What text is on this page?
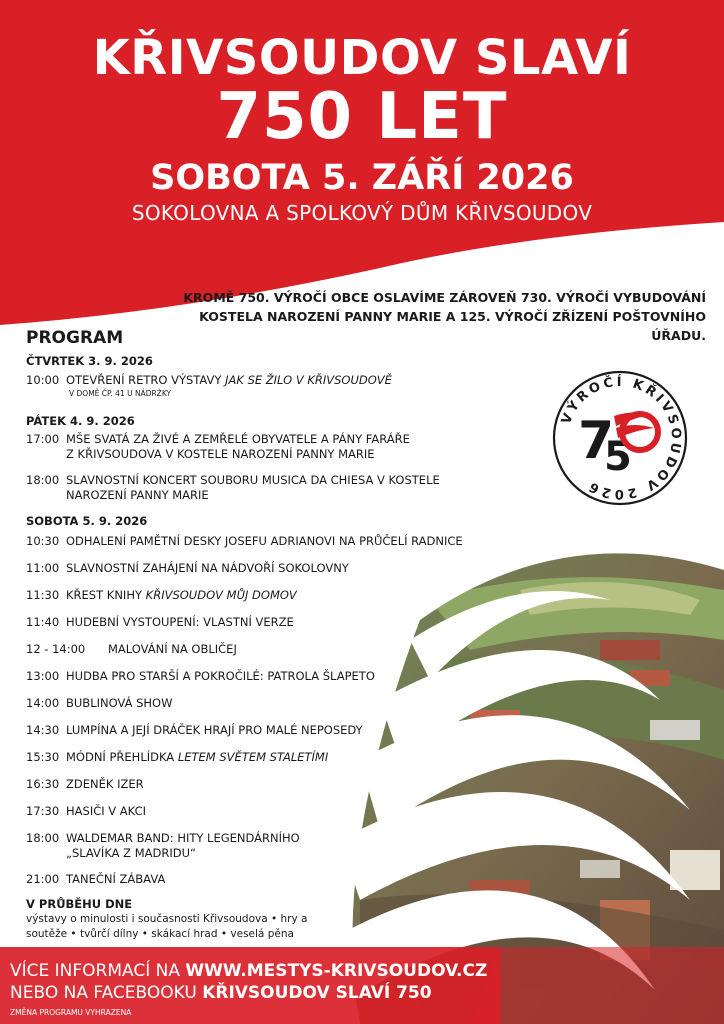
KŘIVSOUDOV SLAVÍ
750 LET
SOBOTA 5. ZÁŘÍ 2026
SOKOLOVNA A SPOLKOVÝ DŮM KŘIVSOUDOV
KROMĚ 750. VÝROČÍ OBCE OSLAVÍME ZÁROVEŇ 730. VÝROČÍ VYBUDOVÁNÍ
KOSTELA NAROZENÍ PANNY MARIE A 125. VÝROČÍ ZŘÍZENÍ POŠTOVNÍHO ÚŘADU.
PROGRAM
ČTVRTEK 3. 9. 2026
10:00 OTEVŘENÍ RETRO VÝSTAVY JAK SE ŽILO V KŘIVSOUDOVĚ
V DOMĚ ČP. 41 U NÁDRŽKY
PÁTEK 4. 9. 2026
17:00 MŠE SVATÁ ZA ŽIVÉ A ZEMŘELÉ OBYVATELE A PÁNY FARÁŘE
Z KŘIVSOUDOVA V KOSTELE NAROZENÍ PANNY MARIE
18:00 SLAVNOSTNÍ KONCERT SOUBORU MUSICA DA CHIESA V KOSTELE
NAROZENÍ PANNY MARIE
SOBOTA 5. 9. 2026
10:30 ODHALENÍ PAMĚTNÍ DESKY JOSEFU ADRIANOVI NA PRŮČELÍ RADNICE
11:00 SLAVNOSTNÍ ZAHÁJENÍ NA NÁDVOŘÍ SOKOLOVNY
11:30 KŘEST KNIHY KŘIVSOUDOV MŮJ DOMOV
11:40 HUDEBNÍ VYSTOUPENÍ: VLASTNÍ VERZE
12 - 14:00	MALOVÁNÍ NA OBLIČEJ
13:00 HUDBA PRO STARŠÍ A POKROČILÉ: PATROLA ŠLAPETO
14:00 BUBLINOVÁ SHOW
14:30 LUMPÍNA A JEJÍ DRÁČEK HRAJÍ PRO MALÉ NEPOSEDY
15:30 MÓDNÍ PŘEHLÍDKA LETEM SVĚTEM STALETÍMI
16:30 ZDENĚK IZER
17:30 HASIČI V AKCI
18:00 WALDEMAR BAND: HITY LEGENDÁRNÍHO
„SLAVÍKA Z MADRIDU“
21:00 TANEČNÍ ZÁBAVA
V PRŮBĚHU DNE
výstavy o minulosti i současnosti Křivsoudova • hry a soutěže • tvůrčí dílny • skákací hrad • veselá pěna
VÝROČÍ KŘIVSOUDOV 2026
7
5
VÍCE INFORMACÍ NA WWW.MESTYS-KRIVSOUDOV.CZ
NEBO NA FACEBOOKU KŘIVSOUDOV SLAVÍ 750
ZMĚNA PROGRAMU VYHRAZENA
